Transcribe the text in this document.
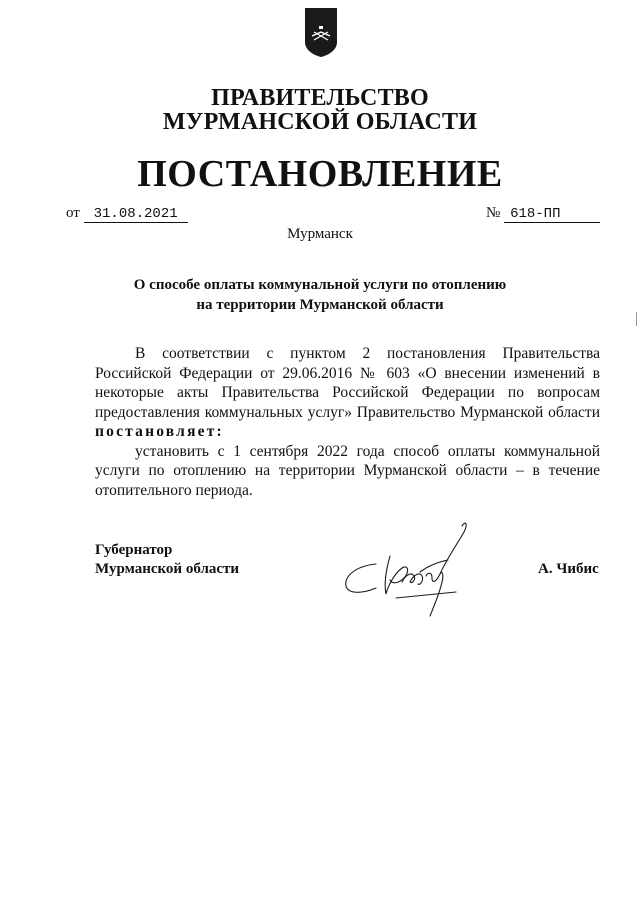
ПРАВИТЕЛЬСТВО
МУРМАНСКОЙ ОБЛАСТИ
ПОСТАНОВЛЕНИЕ
от 31.08.2021	№ 618-ПП
Мурманск
О способе оплаты коммунальной услуги по отоплению
на территории Мурманской области

В соответствии с пунктом 2 постановления Правительства Российской Федерации от 29.06.2016 № 603 «О внесении изменений в некоторые акты Правительства Российской Федерации по вопросам предоставления коммунальных услуг» Правительство Мурманской области

постановляет:

установить с 1 сентября 2022 года способ оплаты коммунальной услуги по отоплению на территории Мурманской области – в течение отопительного периода.

Губернатор
Мурманской области	А. Чибис
